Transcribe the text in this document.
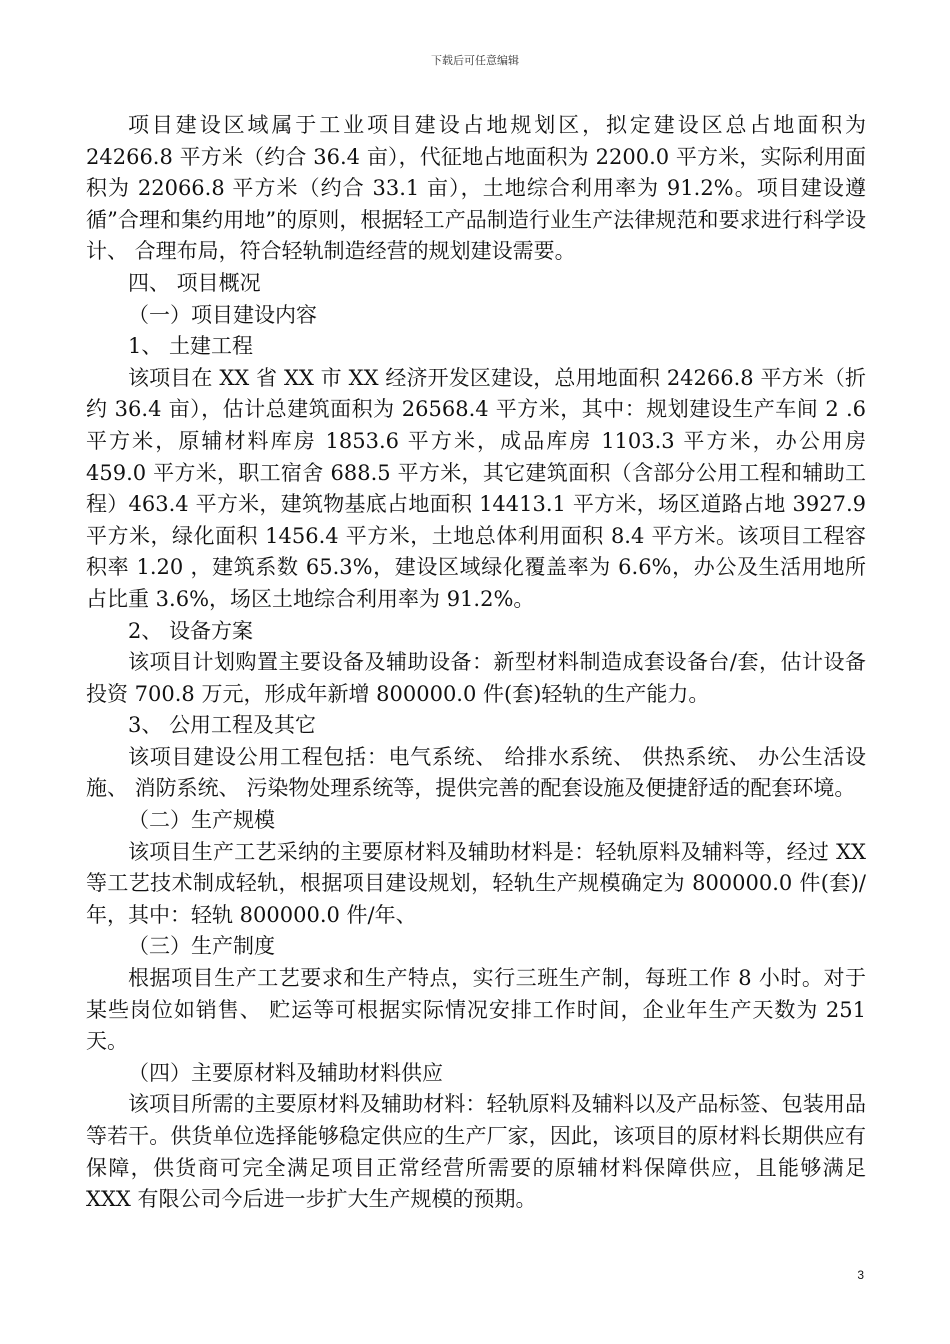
下载后可任意编辑

项目建设区域属于工业项目建设占地规划区，拟定建设区总占地面积为 24266.8 平方米（约合 36.4 亩），代征地占地面积为 2200.0 平方米，实际利用面积为 22066.8 平方米（约合 33.1 亩），土地综合利用率为 91.2%。项目建设遵循”合理和集约用地”的原则，根据轻工产品制造行业生产法律规范和要求进行科学设计、 合理布局，符合轻轨制造经营的规划建设需要。

四、 项目概况

（一）项目建设内容

1、 土建工程

该项目在 XX 省 XX 市 XX 经济开发区建设，总用地面积 24266.8 平方米（折约 36.4 亩），估计总建筑面积为 26568.4 平方米，其中：规划建设生产车间 2 .6 平方米，原辅材料库房 1853.6 平方米，成品库房 1103.3 平方米，办公用房 459.0 平方米，职工宿舍 688.5 平方米，其它建筑面积（含部分公用工程和辅助工程）463.4 平方米，建筑物基底占地面积 14413.1 平方米，场区道路占地 3927.9 平方米，绿化面积 1456.4 平方米，土地总体利用面积 8.4 平方米。该项目工程容积率 1.20 ，建筑系数 65.3%，建设区域绿化覆盖率为 6.6%，办公及生活用地所占比重 3.6%，场区土地综合利用率为 91.2%。

2、 设备方案

该项目计划购置主要设备及辅助设备：新型材料制造成套设备台/套，估计设备投资 700.8 万元，形成年新增 800000.0 件(套)轻轨的生产能力。

3、 公用工程及其它

该项目建设公用工程包括：电气系统、 给排水系统、 供热系统、 办公生活设施、 消防系统、 污染物处理系统等，提供完善的配套设施及便捷舒适的配套环境。

（二）生产规模

该项目生产工艺采纳的主要原材料及辅助材料是：轻轨原料及辅料等，经过 XX 等工艺技术制成轻轨，根据项目建设规划，轻轨生产规模确定为 800000.0 件(套)/年，其中：轻轨 800000.0 件/年、

（三）生产制度

根据项目生产工艺要求和生产特点，实行三班生产制，每班工作 8 小时。对于某些岗位如销售、 贮运等可根据实际情况安排工作时间，企业年生产天数为 251 天。

（四）主要原材料及辅助材料供应

该项目所需的主要原材料及辅助材料：轻轨原料及辅料以及产品标签、包装用品等若干。供货单位选择能够稳定供应的生产厂家，因此，该项目的原材料长期供应有保障，供货商可完全满足项目正常经营所需要的原辅材料保障供应，且能够满足 XXX 有限公司今后进一步扩大生产规模的预期。

3
